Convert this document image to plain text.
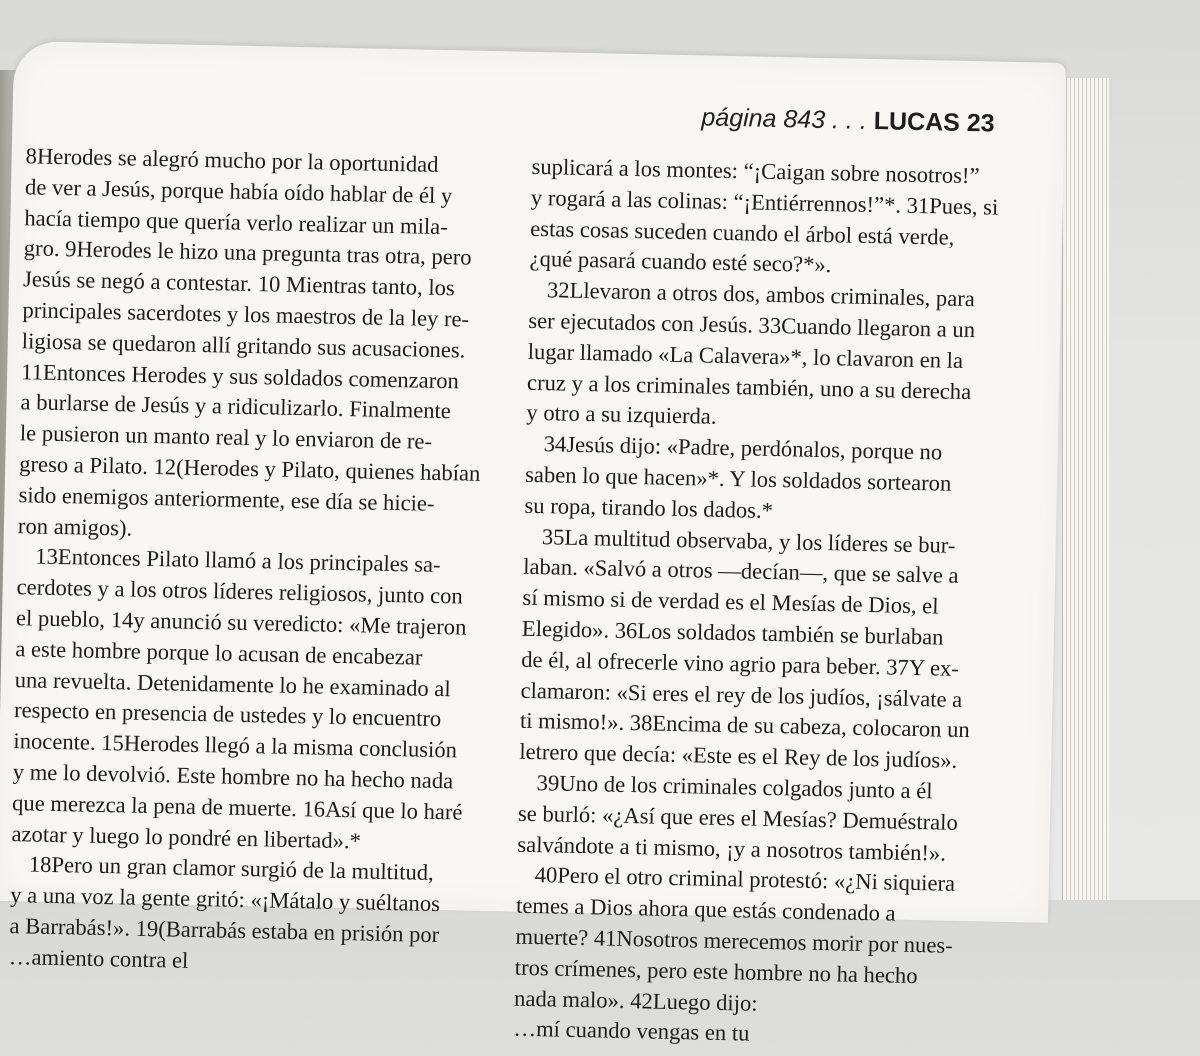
página 843 . . . LUCAS 23
8Herodes se alegró mucho por la oportunidad
de ver a Jesús, porque había oído hablar de él y
hacía tiempo que quería verlo realizar un mila-
gro. 9Herodes le hizo una pregunta tras otra, pero
Jesús se negó a contestar. 10 Mientras tanto, los
principales sacerdotes y los maestros de la ley re-
ligiosa se quedaron allí gritando sus acusaciones.
11Entonces Herodes y sus soldados comenzaron
a burlarse de Jesús y a ridiculizarlo. Finalmente
le pusieron un manto real y lo enviaron de re-
greso a Pilato. 12(Herodes y Pilato, quienes habían
sido enemigos anteriormente, ese día se hicie-
ron amigos).
13Entonces Pilato llamó a los principales sa-
cerdotes y a los otros líderes religiosos, junto con
el pueblo, 14y anunció su veredicto: «Me trajeron
a este hombre porque lo acusan de encabezar
una revuelta. Detenidamente lo he examinado al
respecto en presencia de ustedes y lo encuentro
inocente. 15Herodes llegó a la misma conclusión
y me lo devolvió. Este hombre no ha hecho nada
que merezca la pena de muerte. 16Así que lo haré
azotar y luego lo pondré en libertad».*
18Pero un gran clamor surgió de la multitud,
y a una voz la gente gritó: «¡Mátalo y suéltanos
a Barrabás!». 19(Barrabás estaba en prisión por
…amiento contra el
suplicará a los montes: “¡Caigan sobre nosotros!”
y rogará a las colinas: “¡Entiérrennos!”*. 31Pues, si
estas cosas suceden cuando el árbol está verde,
¿qué pasará cuando esté seco?*».
32Llevaron a otros dos, ambos criminales, para
ser ejecutados con Jesús. 33Cuando llegaron a un
lugar llamado «La Calavera»*, lo clavaron en la
cruz y a los criminales también, uno a su derecha
y otro a su izquierda.
34Jesús dijo: «Padre, perdónalos, porque no
saben lo que hacen»*. Y los soldados sortearon
su ropa, tirando los dados.*
35La multitud observaba, y los líderes se bur-
laban. «Salvó a otros —decían—, que se salve a
sí mismo si de verdad es el Mesías de Dios, el
Elegido». 36Los soldados también se burlaban
de él, al ofrecerle vino agrio para beber. 37Y ex-
clamaron: «Si eres el rey de los judíos, ¡sálvate a
ti mismo!». 38Encima de su cabeza, colocaron un
letrero que decía: «Este es el Rey de los judíos».
39Uno de los criminales colgados junto a él
se burló: «¿Así que eres el Mesías? Demuéstralo
salvándote a ti mismo, ¡y a nosotros también!».
40Pero el otro criminal protestó: «¿Ni siquiera
temes a Dios ahora que estás condenado a
muerte? 41Nosotros merecemos morir por nues-
tros crímenes, pero este hombre no ha hecho
nada malo». 42Luego dijo:
…mí cuando vengas en tu
